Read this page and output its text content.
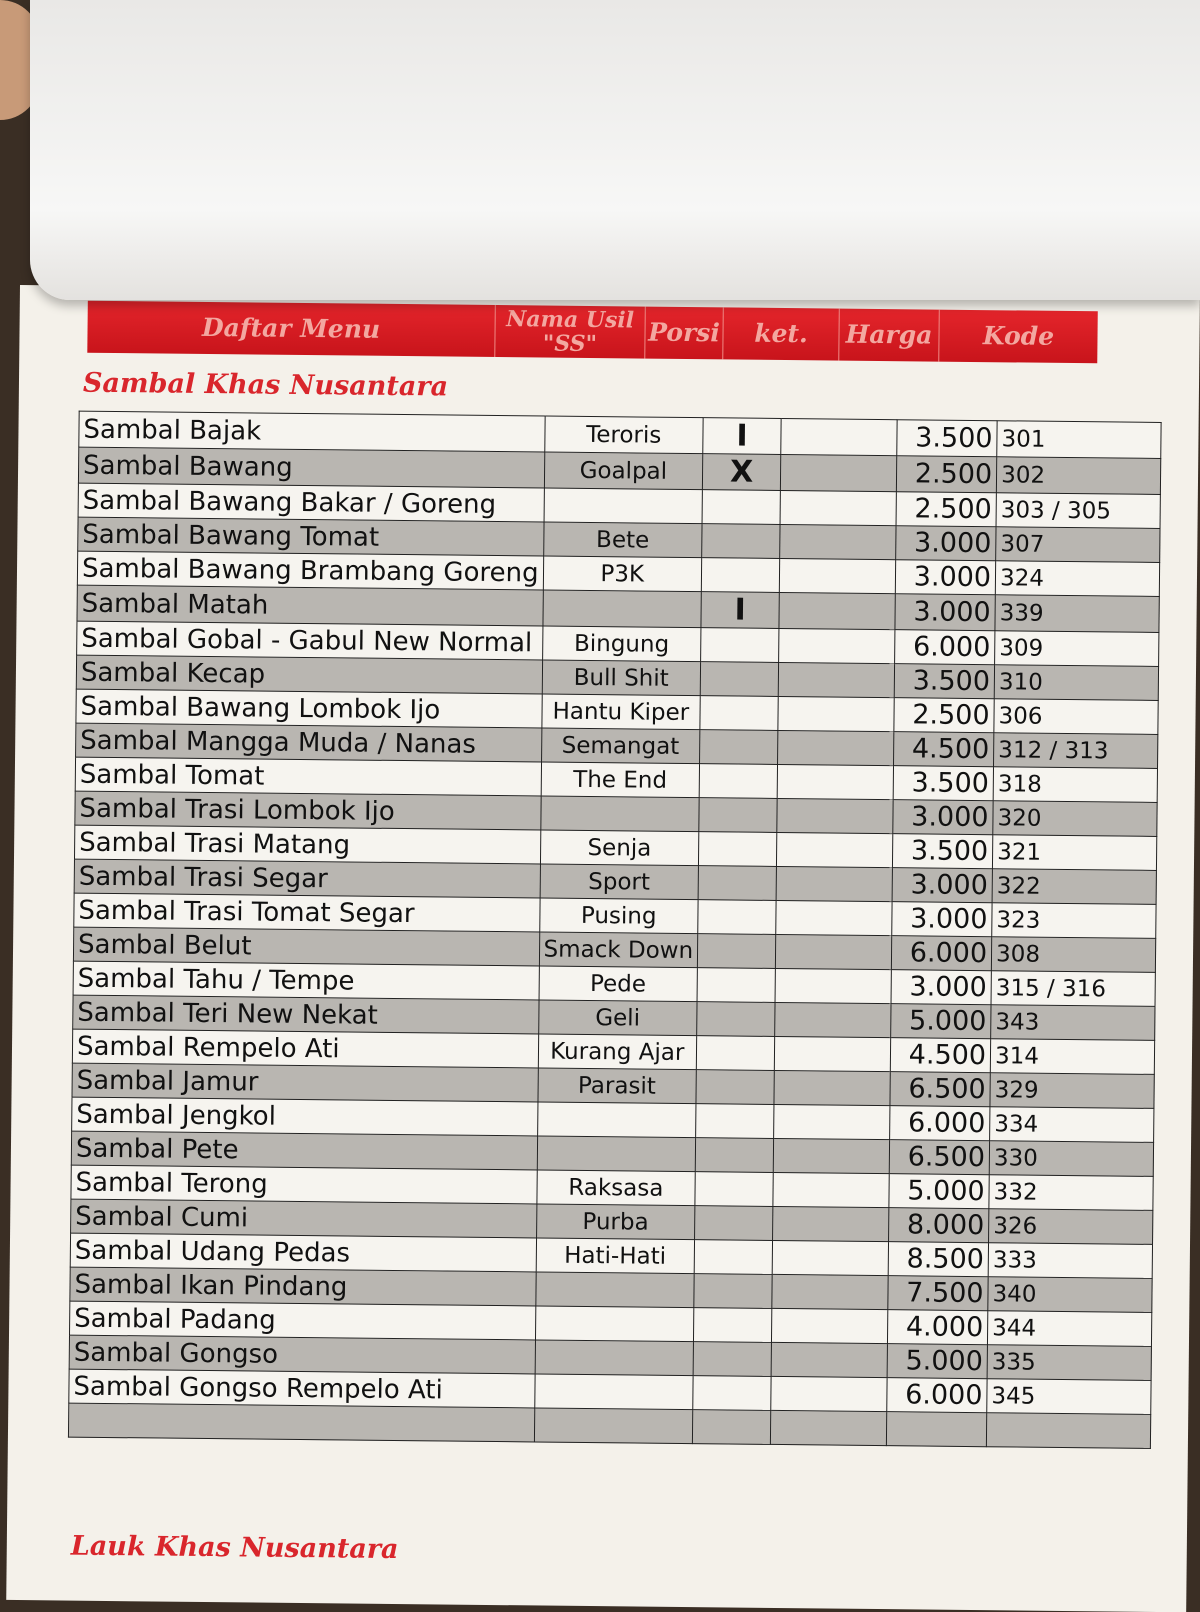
Daftar Menu	Nama Usil "SS"	Porsi	ket.	Harga	Kode
Sambal Khas Nusantara
Sambal Bajak	Teroris	I		3.500	301
Sambal Bawang	Goalpal	X		2.500	302
Sambal Bawang Bakar / Goreng				2.500	303 / 305
Sambal Bawang Tomat	Bete			3.000	307
Sambal Bawang Brambang Goreng	P3K			3.000	324
Sambal Matah		I		3.000	339
Sambal Gobal - Gabul New Normal	Bingung			6.000	309
Sambal Kecap	Bull Shit			3.500	310
Sambal Bawang Lombok Ijo	Hantu Kiper			2.500	306
Sambal Mangga Muda / Nanas	Semangat			4.500	312 / 313
Sambal Tomat	The End			3.500	318
Sambal Trasi Lombok Ijo				3.000	320
Sambal Trasi Matang	Senja			3.500	321
Sambal Trasi Segar	Sport			3.000	322
Sambal Trasi Tomat Segar	Pusing			3.000	323
Sambal Belut	Smack Down			6.000	308
Sambal Tahu / Tempe	Pede			3.000	315 / 316
Sambal Teri New Nekat	Geli			5.000	343
Sambal Rempelo Ati	Kurang Ajar			4.500	314
Sambal Jamur	Parasit			6.500	329
Sambal Jengkol				6.000	334
Sambal Pete				6.500	330
Sambal Terong	Raksasa			5.000	332
Sambal Cumi	Purba			8.000	326
Sambal Udang Pedas	Hati-Hati			8.500	333
Sambal Ikan Pindang				7.500	340
Sambal Padang				4.000	344
Sambal Gongso				5.000	335
Sambal Gongso Rempelo Ati				6.000	345

Lauk Khas Nusantara
